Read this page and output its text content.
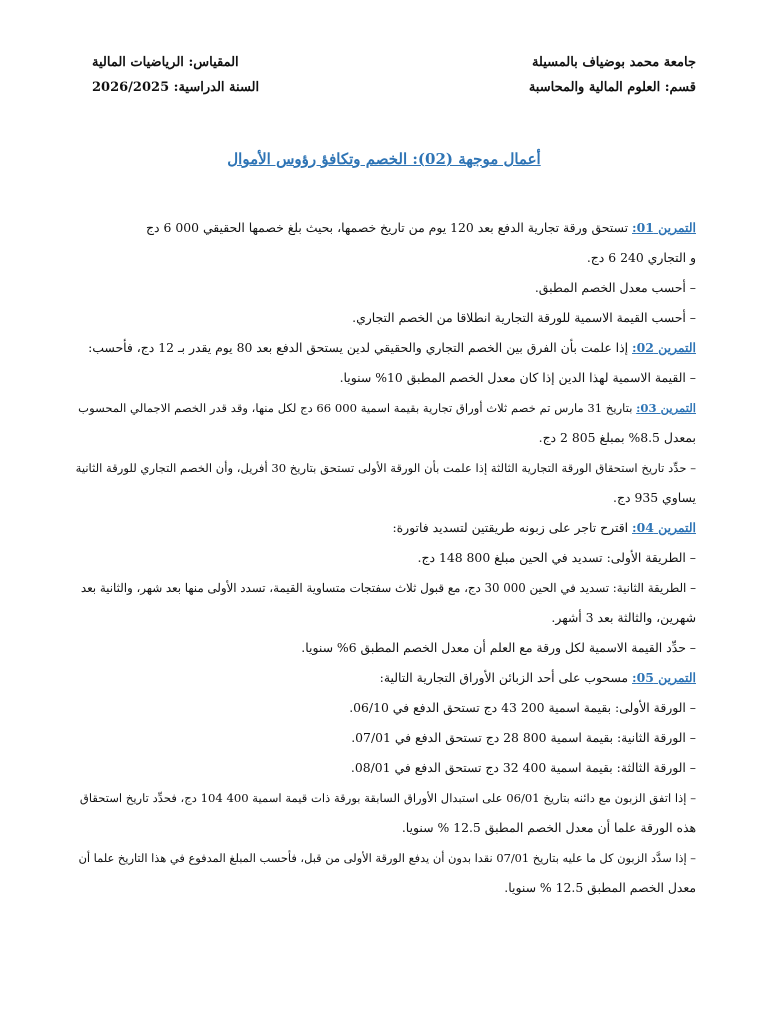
جامعة محمد بوضياف بالمسيلة
قسم: العلوم المالية والمحاسبة
المقياس: الرياضيات المالية
السنة الدراسية: 2026/2025
أعمال موجهة (02): الخصم وتكافؤ رؤوس الأموال
التمرين 01: تستحق ورقة تجارية الدفع بعد 120 يوم من تاريخ خصمها، بحيث بلغ خصمها الحقيقي 000 6 دج
و التجاري 240 6 دج.
– أحسب معدل الخصم المطبق.
– أحسب القيمة الاسمية للورقة التجارية انطلاقا من الخصم التجاري.
التمرين 02: إذا علمت بأن الفرق بين الخصم التجاري والحقيقي لدين يستحق الدفع بعد 80 يوم يقدر بـ 12 دج، فأحسب:
– القيمة الاسمية لهذا الدين إذا كان معدل الخصم المطبق 10% سنويا.
التمرين 03: بتاريخ 31 مارس تم خصم ثلاث أوراق تجارية بقيمة اسمية 000 66 دج لكل منها، وقد قدر الخصم الاجمالي المحسوب
بمعدل 8.5% بمبلغ 805 2 دج.
– حدِّد تاريخ استحقاق الورقة التجارية الثالثة إذا علمت بأن الورقة الأولى تستحق بتاريخ 30 أفريل، وأن الخصم التجاري للورقة الثانية
يساوي 935 دج.
التمرين 04: اقترح تاجر على زبونه طريقتين لتسديد فاتورة:
– الطريقة الأولى: تسديد في الحين مبلغ 800 148 دج.
– الطريقة الثانية: تسديد في الحين 000 30 دج، مع قبول ثلاث سفتجات متساوية القيمة، تسدد الأولى منها بعد شهر، والثانية بعد
شهرين، والثالثة بعد 3 أشهر.
– حدِّد القيمة الاسمية لكل ورقة مع العلم أن معدل الخصم المطبق 6% سنويا.
التمرين 05: مسحوب على أحد الزبائن الأوراق التجارية التالية:
– الورقة الأولى: بقيمة اسمية 200 43 دج تستحق الدفع في 06/10.
– الورقة الثانية: بقيمة اسمية 800 28 دج تستحق الدفع في 07/01.
– الورقة الثالثة: بقيمة اسمية 400 32 دج تستحق الدفع في 08/01.
– إذا اتفق الزبون مع دائنه بتاريخ 06/01 على استبدال الأوراق السابقة بورقة ذات قيمة اسمية 400 104 دج، فحدِّد تاريخ استحقاق
هذه الورقة علما أن معدل الخصم المطبق 12.5 % سنويا.
– إذا سدَّد الزبون كل ما عليه بتاريخ 07/01 نقدا بدون أن يدفع الورقة الأولى من قبل، فأحسب المبلغ المدفوع في هذا التاريخ علما أن
معدل الخصم المطبق 12.5 % سنويا.
